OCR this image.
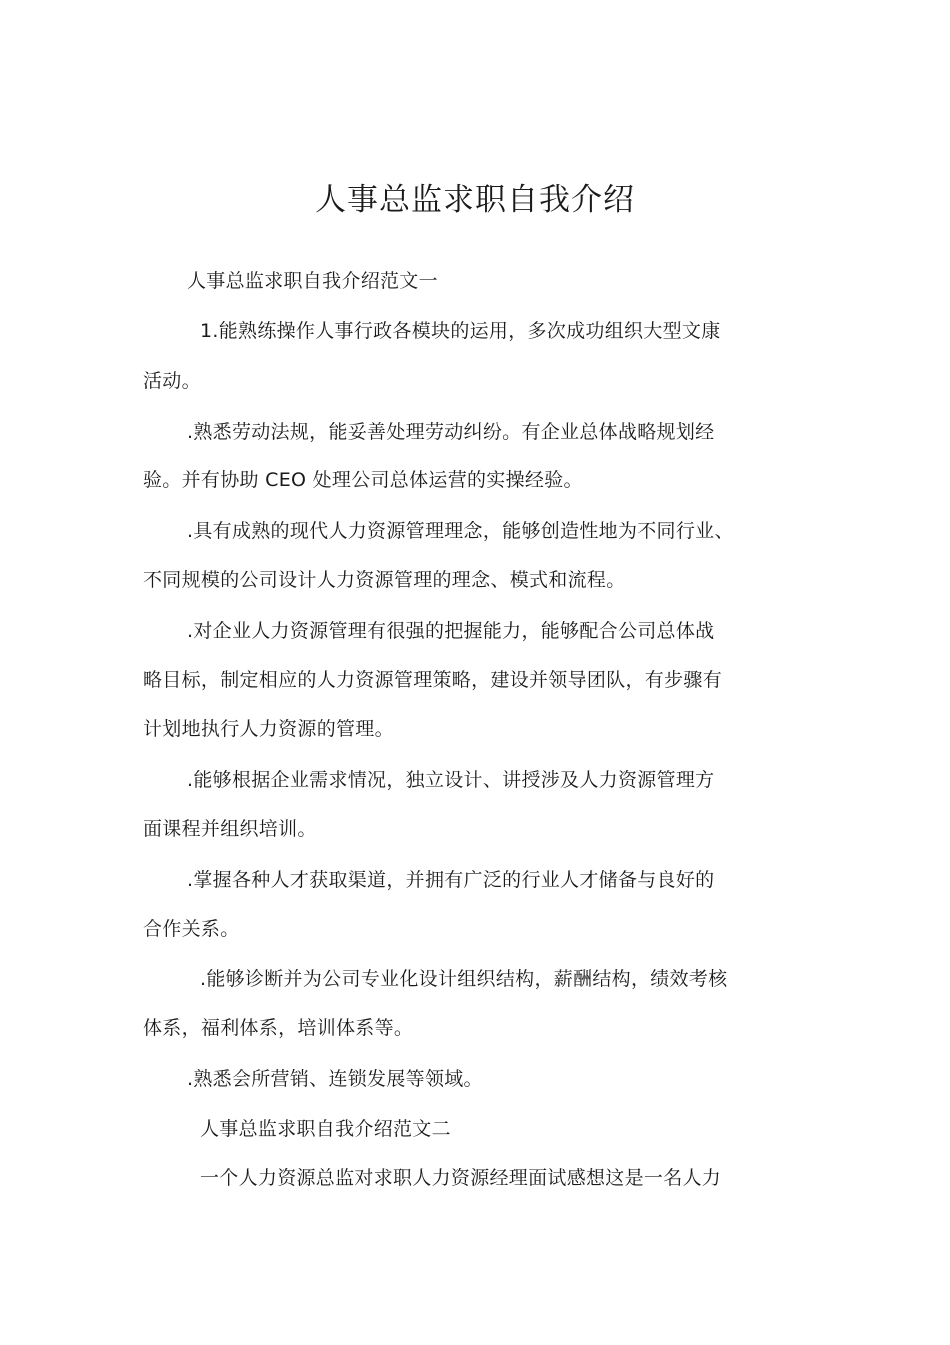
人事总监求职自我介绍
人事总监求职自我介绍范文一
1.能熟练操作人事行政各模块的运用，多次成功组织大型文康
活动。
.熟悉劳动法规，能妥善处理劳动纠纷。有企业总体战略规划经
验。并有协助 CEO 处理公司总体运营的实操经验。
.具有成熟的现代人力资源管理理念，能够创造性地为不同行业、
不同规模的公司设计人力资源管理的理念、模式和流程。
.对企业人力资源管理有很强的把握能力，能够配合公司总体战
略目标，制定相应的人力资源管理策略，建设并领导团队，有步骤有
计划地执行人力资源的管理。
.能够根据企业需求情况，独立设计、讲授涉及人力资源管理方
面课程并组织培训。
.掌握各种人才获取渠道，并拥有广泛的行业人才储备与良好的
合作关系。
.能够诊断并为公司专业化设计组织结构，薪酬结构，绩效考核
体系，福利体系，培训体系等。
.熟悉会所营销、连锁发展等领域。
人事总监求职自我介绍范文二
一个人力资源总监对求职人力资源经理面试感想这是一名人力
